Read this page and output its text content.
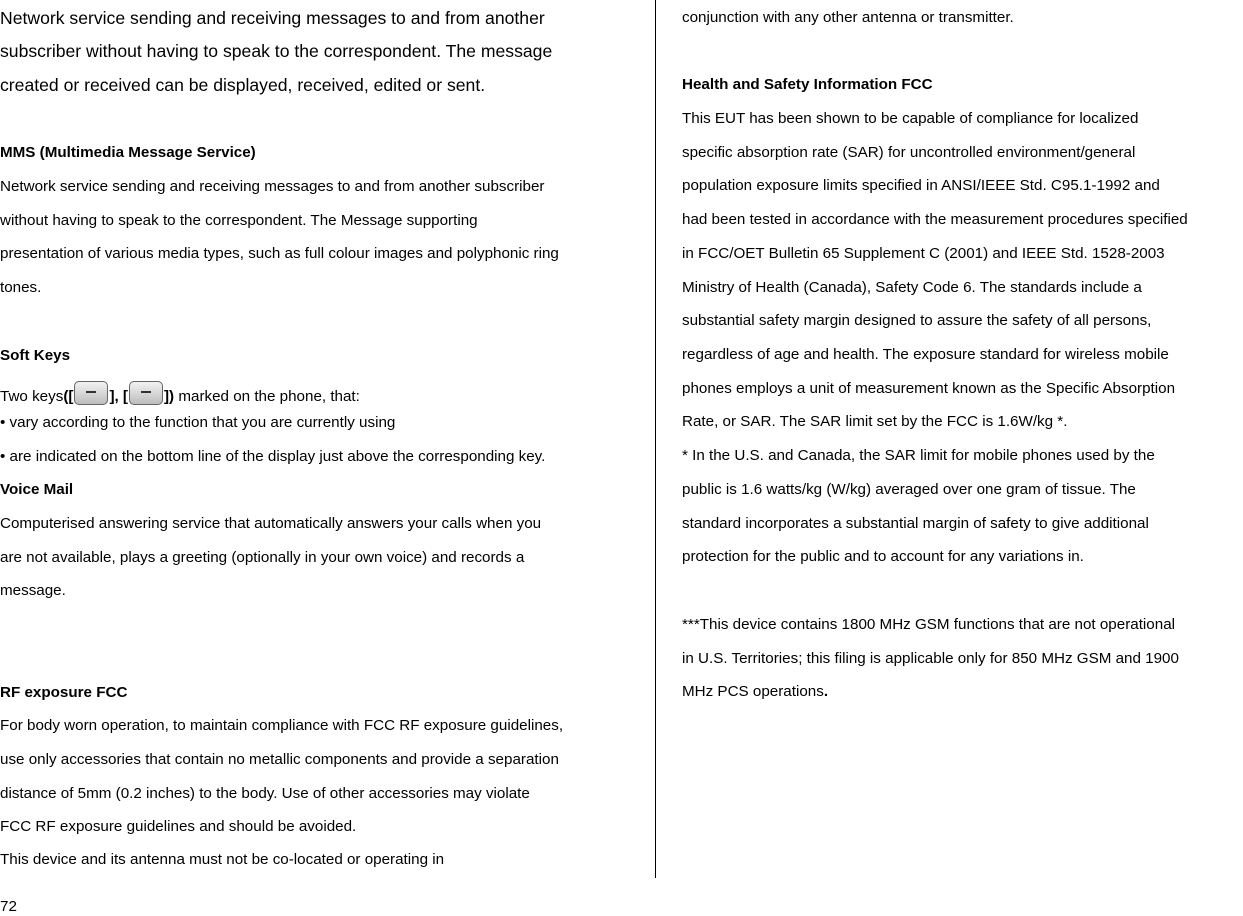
Network service sending and receiving messages to and from another
subscriber without having to speak to the correspondent. The message
created or received can be displayed, received, edited or sent.
MMS (Multimedia Message Service)
Network service sending and receiving messages to and from another subscriber
without having to speak to the correspondent. The Message supporting
presentation of various media types, such as full colour images and polyphonic ring
tones.
Soft Keys
Two keys([ ], [ ]) marked on the phone, that:
• vary according to the function that you are currently using
• are indicated on the bottom line of the display just above the corresponding key.
Voice Mail
Computerised answering service that automatically answers your calls when you
are not available, plays a greeting (optionally in your own voice) and records a
message.
RF exposure FCC
For body worn operation, to maintain compliance with FCC RF exposure guidelines,
use only accessories that contain no metallic components and provide a separation
distance of 5mm (0.2 inches) to the body. Use of other accessories may violate
FCC RF exposure guidelines and should be avoided.
This device and its antenna must not be co-located or operating in
conjunction with any other antenna or transmitter.
Health and Safety Information FCC
This EUT has been shown to be capable of compliance for localized
specific absorption rate (SAR) for uncontrolled environment/general
population exposure limits specified in ANSI/IEEE Std. C95.1-1992 and
had been tested in accordance with the measurement procedures specified
in FCC/OET Bulletin 65 Supplement C (2001) and IEEE Std. 1528-2003
Ministry of Health (Canada), Safety Code 6. The standards include a
substantial safety margin designed to assure the safety of all persons,
regardless of age and health. The exposure standard for wireless mobile
phones employs a unit of measurement known as the Specific Absorption
Rate, or SAR. The SAR limit set by the FCC is 1.6W/kg *.
* In the U.S. and Canada, the SAR limit for mobile phones used by the
public is 1.6 watts/kg (W/kg) averaged over one gram of tissue. The
standard incorporates a substantial margin of safety to give additional
protection for the public and to account for any variations in.
***This device contains 1800 MHz GSM functions that are not operational
in U.S. Territories; this filing is applicable only for 850 MHz GSM and 1900
MHz PCS operations.
72
